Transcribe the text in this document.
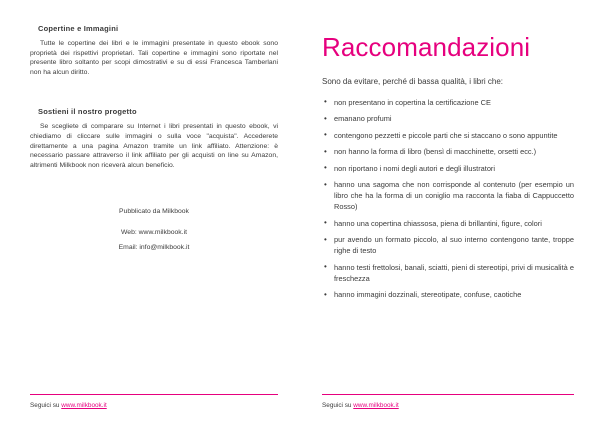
Copertine e Immagini

Tutte le copertine dei libri e le immagini presentate in questo ebook sono proprietà dei rispettivi proprietari. Tali copertine e immagini sono riportate nel presente libro soltanto per scopi dimostrativi e su di essi Francesca Tamberlani non ha alcun diritto.

Sostieni il nostro progetto

Se scegliete di comparare su Internet i libri presentati in questo ebook, vi chiediamo di cliccare sulle immagini o sulla voce "acquista". Accederete direttamente a una pagina Amazon tramite un link affiliato. Attenzione: è necessario passare attraverso il link affiliato per gli acquisti on line su Amazon, altrimenti Milkbook non riceverà alcun beneficio.

Pubblicato da Milkbook
Web: www.milkbook.it
Email: info@milkbook.it
Seguici su www.milkbook.it
Raccomandazioni

Sono da evitare, perché di bassa qualità, i libri che:

• non presentano in copertina la certificazione CE
• emanano profumi
• contengono pezzetti e piccole parti che si staccano o sono appuntite
• non hanno la forma di libro (bensì di macchinette, orsetti ecc.)
• non riportano i nomi degli autori e degli illustratori
• hanno una sagoma che non corrisponde al contenuto (per esempio un libro che ha la forma di un coniglio ma racconta la fiaba di Cappuccetto Rosso)
• hanno una copertina chiassosa, piena di brillantini, figure, colori
• pur avendo un formato piccolo, al suo interno contengono tante, troppe righe di testo
• hanno testi frettolosi, banali, sciatti, pieni di stereotipi, privi di musicalità e freschezza
• hanno immagini dozzinali, stereotipate, confuse, caotiche
Seguici su www.milkbook.it
